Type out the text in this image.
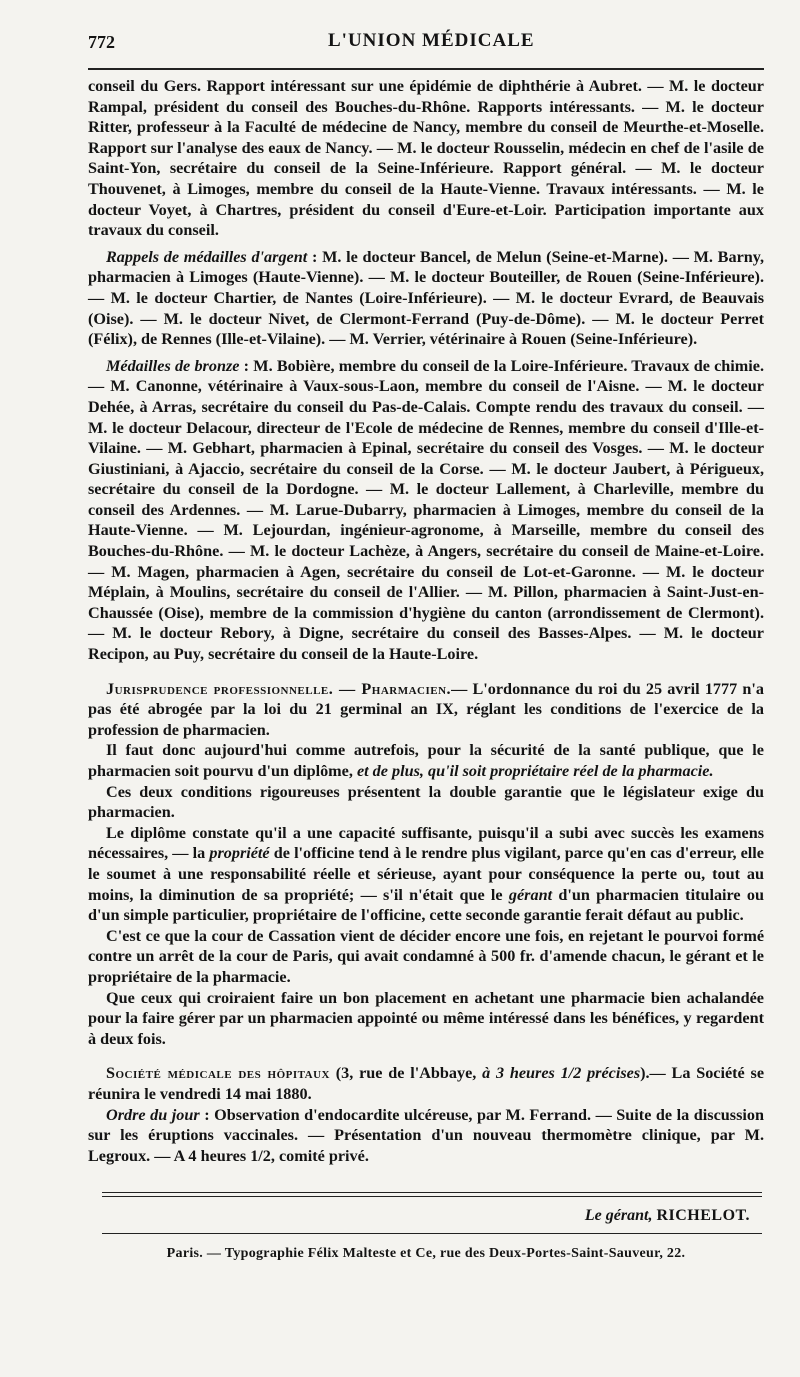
772	L'UNION MÉDICALE

conseil du Gers. Rapport intéressant sur une épidémie de diphthérie à Aubret. — M. le docteur Rampal, président du conseil des Bouches-du-Rhône. Rapports intéressants. — M. le docteur Ritter, professeur à la Faculté de médecine de Nancy, membre du conseil de Meurthe-et-Moselle. Rapport sur l'analyse des eaux de Nancy. — M. le docteur Rousselin, médecin en chef de l'asile de Saint-Yon, secrétaire du conseil de la Seine-Inférieure. Rapport général. — M. le docteur Thouvenet, à Limoges, membre du conseil de la Haute-Vienne. Travaux intéressants. — M. le docteur Voyet, à Chartres, président du conseil d'Eure-et-Loir. Participation importante aux travaux du conseil.

Rappels de médailles d'argent : M. le docteur Bancel, de Melun (Seine-et-Marne). — M. Barny, pharmacien à Limoges (Haute-Vienne). — M. le docteur Bouteiller, de Rouen (Seine-Inférieure). — M. le docteur Chartier, de Nantes (Loire-Inférieure). — M. le docteur Evrard, de Beauvais (Oise). — M. le docteur Nivet, de Clermont-Ferrand (Puy-de-Dôme). — M. le docteur Perret (Félix), de Rennes (Ille-et-Vilaine). — M. Verrier, vétérinaire à Rouen (Seine-Inférieure).

Médailles de bronze : M. Bobière, membre du conseil de la Loire-Inférieure. Travaux de chimie. — M. Canonne, vétérinaire à Vaux-sous-Laon, membre du conseil de l'Aisne. — M. le docteur Dehée, à Arras, secrétaire du conseil du Pas-de-Calais. Compte rendu des travaux du conseil. — M. le docteur Delacour, directeur de l'Ecole de médecine de Rennes, membre du conseil d'Ille-et-Vilaine. — M. Gebhart, pharmacien à Epinal, secrétaire du conseil des Vosges. — M. le docteur Giustiniani, à Ajaccio, secrétaire du conseil de la Corse. — M. le docteur Jaubert, à Périgueux, secrétaire du conseil de la Dordogne. — M. le docteur Lallement, à Charleville, membre du conseil des Ardennes. — M. Larue-Dubarry, pharmacien à Limoges, membre du conseil de la Haute-Vienne. — M. Lejourdan, ingénieur-agronome, à Marseille, membre du conseil des Bouches-du-Rhône. — M. le docteur Lachèze, à Angers, secrétaire du conseil de Maine-et-Loire. — M. Magen, pharmacien à Agen, secrétaire du conseil de Lot-et-Garonne. — M. le docteur Méplain, à Moulins, secrétaire du conseil de l'Allier. — M. Pillon, pharmacien à Saint-Just-en-Chaussée (Oise), membre de la commission d'hygiène du canton (arrondissement de Clermont). — M. le docteur Rebory, à Digne, secrétaire du conseil des Basses-Alpes. — M. le docteur Recipon, au Puy, secrétaire du conseil de la Haute-Loire.

Jurisprudence professionnelle. — Pharmacien.— L'ordonnance du roi du 25 avril 1777 n'a pas été abrogée par la loi du 21 germinal an IX, réglant les conditions de l'exercice de la profession de pharmacien.

Il faut donc aujourd'hui comme autrefois, pour la sécurité de la santé publique, que le pharmacien soit pourvu d'un diplôme, et de plus, qu'il soit propriétaire réel de la pharmacie.

Ces deux conditions rigoureuses présentent la double garantie que le législateur exige du pharmacien.

Le diplôme constate qu'il a une capacité suffisante, puisqu'il a subi avec succès les examens nécessaires, — la propriété de l'officine tend à le rendre plus vigilant, parce qu'en cas d'erreur, elle le soumet à une responsabilité réelle et sérieuse, ayant pour conséquence la perte ou, tout au moins, la diminution de sa propriété; — s'il n'était que le gérant d'un pharmacien titulaire ou d'un simple particulier, propriétaire de l'officine, cette seconde garantie ferait défaut au public.

C'est ce que la cour de Cassation vient de décider encore une fois, en rejetant le pourvoi formé contre un arrêt de la cour de Paris, qui avait condamné à 500 fr. d'amende chacun, le gérant et le propriétaire de la pharmacie.

Que ceux qui croiraient faire un bon placement en achetant une pharmacie bien achalandée pour la faire gérer par un pharmacien appointé ou même intéressé dans les bénéfices, y regardent à deux fois.

Société médicale des hôpitaux (3, rue de l'Abbaye, à 3 heures 1/2 précises).— La Société se réunira le vendredi 14 mai 1880.

Ordre du jour : Observation d'endocardite ulcéreuse, par M. Ferrand. — Suite de la discussion sur les éruptions vaccinales. — Présentation d'un nouveau thermomètre clinique, par M. Legroux. — A 4 heures 1/2, comité privé.

Le gérant, RICHELOT.
Paris. — Typographie Félix Malteste et Ce, rue des Deux-Portes-Saint-Sauveur, 22.
